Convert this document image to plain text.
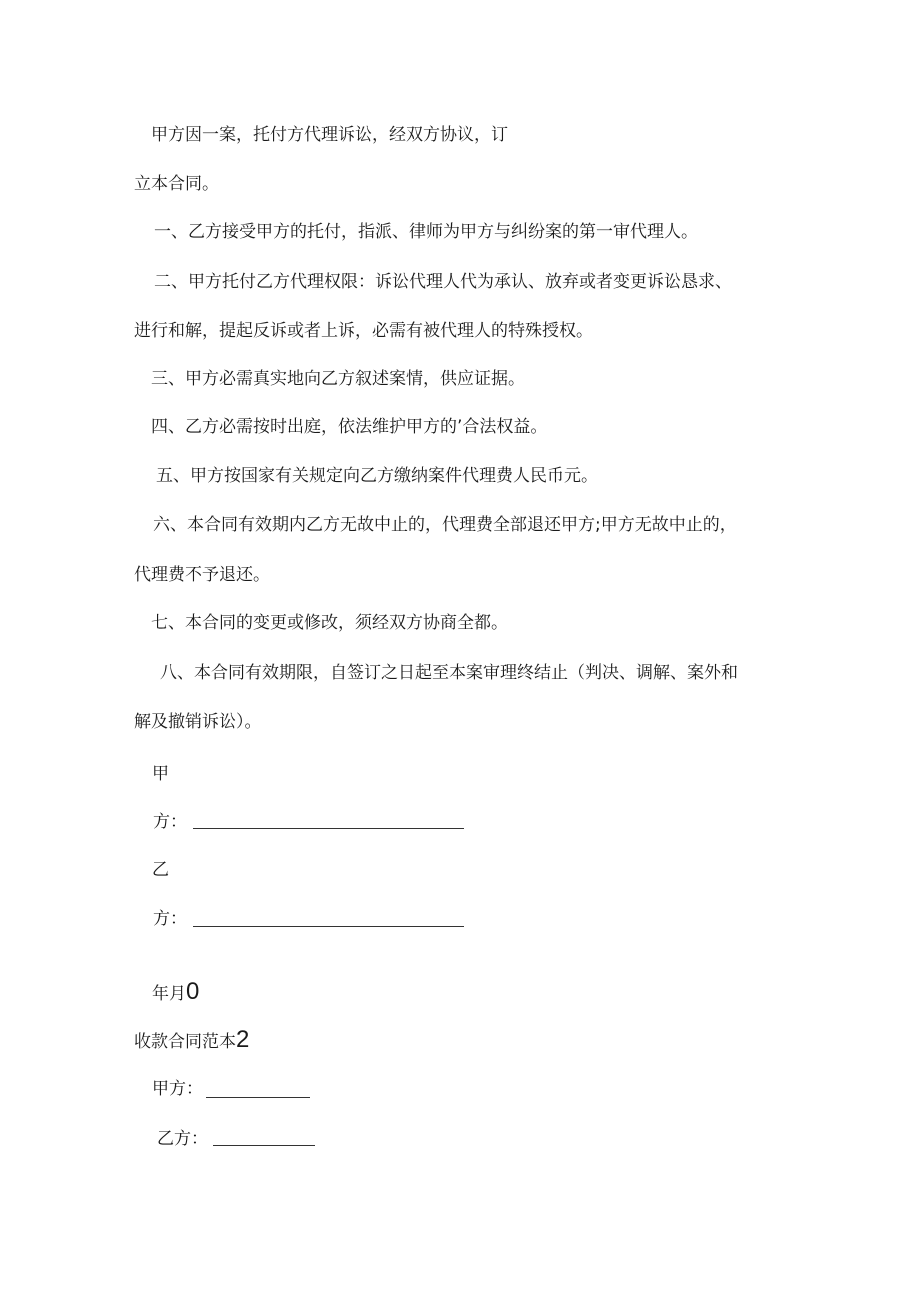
甲方因一案，托付方代理诉讼，经双方协议，订
立本合同。
一、乙方接受甲方的托付，指派、律师为甲方与纠纷案的第一审代理人。
二、甲方托付乙方代理权限：诉讼代理人代为承认、放弃或者变更诉讼恳求、
进行和解，提起反诉或者上诉，必需有被代理人的特殊授权。
三、甲方必需真实地向乙方叙述案情，供应证据。
四、乙方必需按时出庭，依法维护甲方的’合法权益。
五、甲方按国家有关规定向乙方缴纳案件代理费人民币元。
六、本合同有效期内乙方无故中止的，代理费全部退还甲方;甲方无故中止的，
代理费不予退还。
七、本合同的变更或修改，须经双方协商全都。
八、本合同有效期限，自签订之日起至本案审理终结止（判决、调解、案外和
解及撤销诉讼）。
甲
方：
乙
方：
年月0
收款合同范本2
甲方：
乙方：
